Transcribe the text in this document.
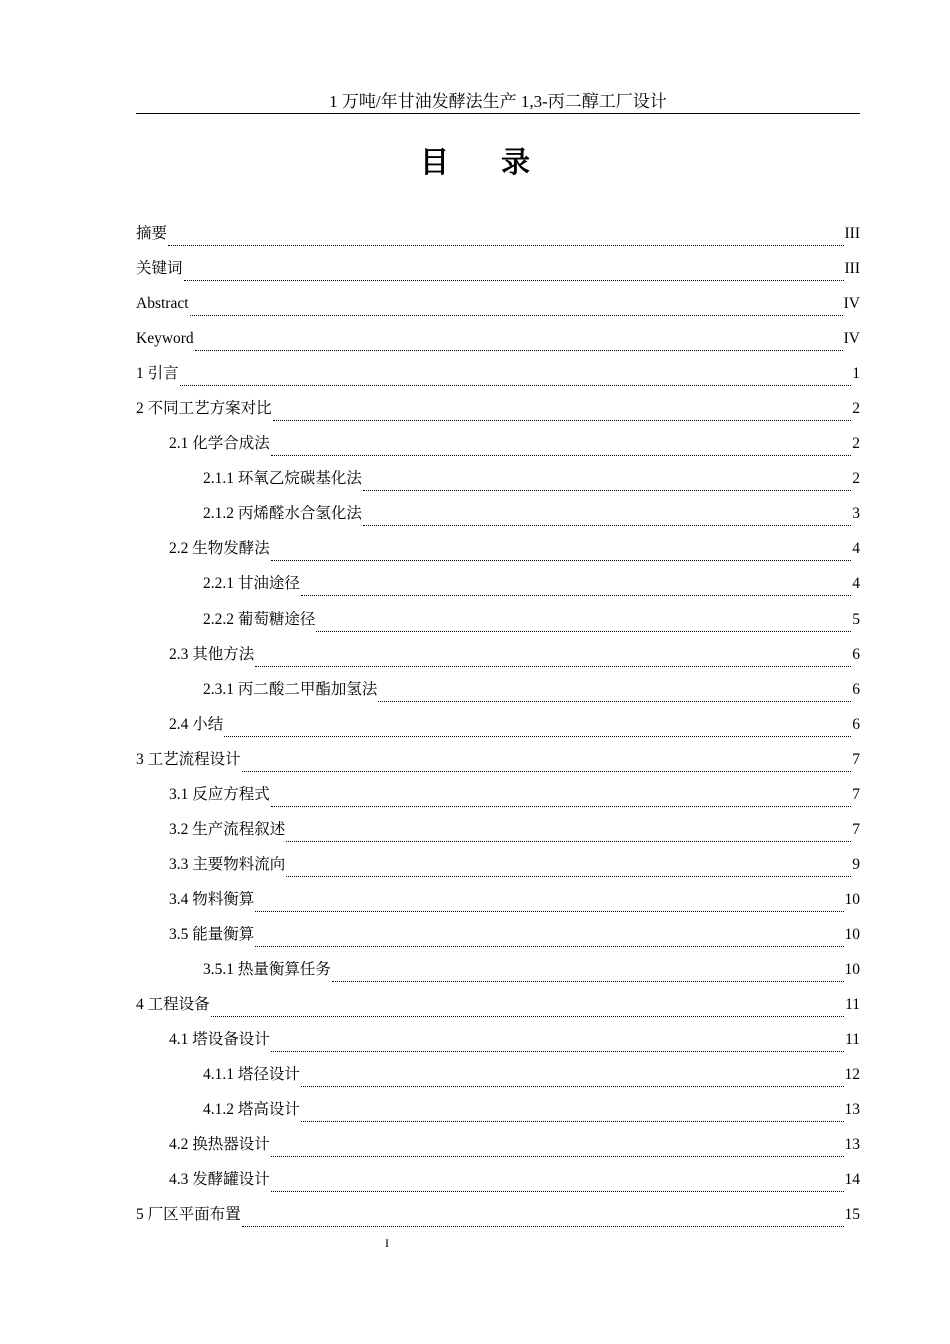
1 万吨/年甘油发酵法生产 1,3-丙二醇工厂设计
目录
摘要	III
关键词	III
Abstract	IV
Keyword	IV
1 引言	1
2 不同工艺方案对比	2
2.1 化学合成法	2
2.1.1 环氧乙烷碳基化法	2
2.1.2 丙烯醛水合氢化法	3
2.2 生物发酵法	4
2.2.1 甘油途径	4
2.2.2 葡萄糖途径	5
2.3 其他方法	6
2.3.1 丙二酸二甲酯加氢法	6
2.4 小结	6
3 工艺流程设计	7
3.1 反应方程式	7
3.2 生产流程叙述	7
3.3 主要物料流向	9
3.4 物料衡算	10
3.5 能量衡算	10
3.5.1 热量衡算任务	10
4 工程设备	11
4.1 塔设备设计	11
4.1.1 塔径设计	12
4.1.2 塔高设计	13
4.2 换热器设计	13
4.3 发酵罐设计	14
5 厂区平面布置	15
I
